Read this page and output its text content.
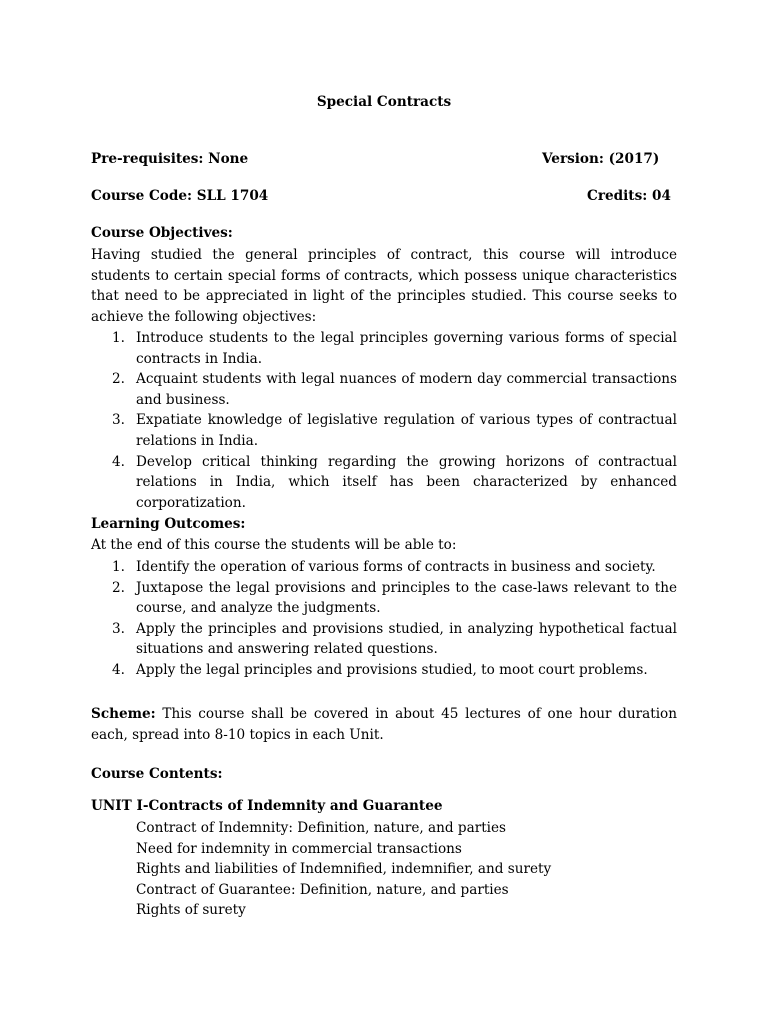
Special Contracts
Pre-requisites: None	Version: (2017)
Course Code: SLL 1704	Credits: 04
Course Objectives:
Having studied the general principles of contract, this course will introduce students to certain special forms of contracts, which possess unique characteristics that need to be appreciated in light of the principles studied. This course seeks to achieve the following objectives:
1. Introduce students to the legal principles governing various forms of special contracts in India.
2. Acquaint students with legal nuances of modern day commercial transactions and business.
3. Expatiate knowledge of legislative regulation of various types of contractual relations in India.
4. Develop critical thinking regarding the growing horizons of contractual relations in India, which itself has been characterized by enhanced corporatization.
Learning Outcomes:
At the end of this course the students will be able to:
1. Identify the operation of various forms of contracts in business and society.
2. Juxtapose the legal provisions and principles to the case-laws relevant to the course, and analyze the judgments.
3. Apply the principles and provisions studied, in analyzing hypothetical factual situations and answering related questions.
4. Apply the legal principles and provisions studied, to moot court problems.
Scheme: This course shall be covered in about 45 lectures of one hour duration each, spread into 8-10 topics in each Unit.
Course Contents:
UNIT I-Contracts of Indemnity and Guarantee
Contract of Indemnity: Definition, nature, and parties
Need for indemnity in commercial transactions
Rights and liabilities of Indemnified, indemnifier, and surety
Contract of Guarantee: Definition, nature, and parties
Rights of surety
